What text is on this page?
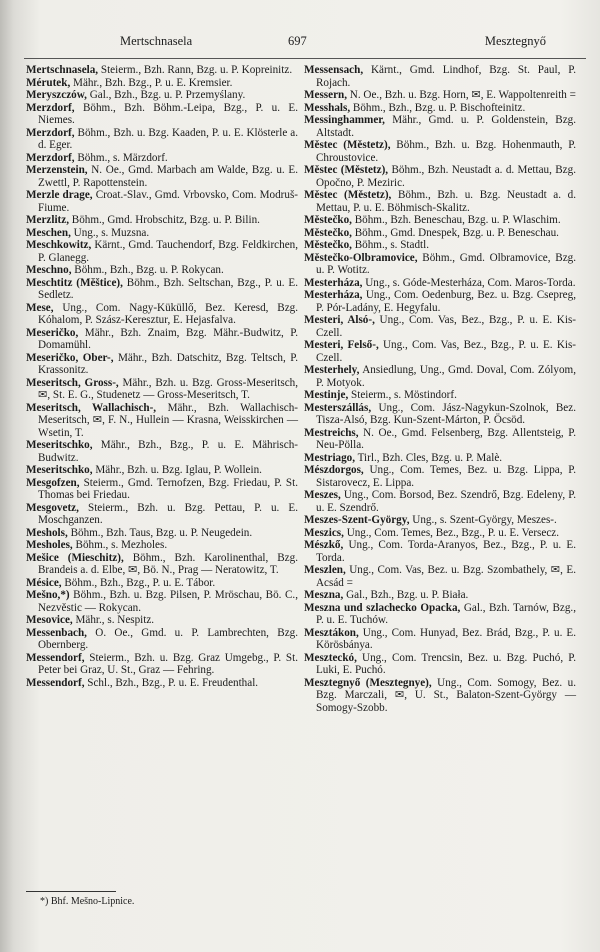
Mertschnasela	697	Mesztegnyő

Mertschnasela, Steierm., Bzh. Rann, Bzg. u. P. Kopreinitz.

Mérutek, Mähr., Bzh. Bzg., P. u. E. Kremsier.

Meryszczów, Gal., Bzh., Bzg. u. P. Przemyślany.

Merzdorf, Böhm., Bzh. Böhm.-Leipa, Bzg., P. u. E. Niemes.

Merzdorf, Böhm., Bzh. u. Bzg. Kaaden, P. u. E. Klösterle a. d. Eger.

Merzdorf, Böhm., s. Märzdorf.

Merzenstein, N. Oe., Gmd. Marbach am Walde, Bzg. u. E. Zwettl, P. Rapottenstein.

Merzle drage, Croat.-Slav., Gmd. Vrbovsko, Com. Modruš-Fiume.

Merzlitz, Böhm., Gmd. Hrobschitz, Bzg. u. P. Bilin.

Meschen, Ung., s. Muzsna.

Meschkowitz, Kärnt., Gmd. Tauchendorf, Bzg. Feldkirchen, P. Glanegg.

Meschno, Böhm., Bzh., Bzg. u. P. Rokycan.

Meschtitz (Mĕštice), Böhm., Bzh. Seltschan, Bzg., P. u. E. Sedletz.

Mese, Ung., Com. Nagy-Küküllő, Bez. Keresd, Bzg. Kóhalom, P. Szász-Keresztur, E. Hejasfalva.

Meseričko, Mähr., Bzh. Znaim, Bzg. Mähr.-Budwitz, P. Domamühl.

Meseričko, Ober-, Mähr., Bzh. Datschitz, Bzg. Teltsch, P. Krassonitz.

Meseritsch, Gross-, Mähr., Bzh. u. Bzg. Gross-Meseritsch, ✉, St. E. G., Studenetz — Gross-Meseritsch, T.

Meseritsch, Wallachisch-, Mähr., Bzh. Wallachisch-Meseritsch, ✉, F. N., Hullein — Krasna, Weisskirchen — Wsetin, T.

Meseritschko, Mähr., Bzh., Bzg., P. u. E. Mährisch-Budwitz.

Meseritschko, Mähr., Bzh. u. Bzg. Iglau, P. Wollein.

Mesgofzen, Steierm., Gmd. Ternofzen, Bzg. Friedau, P. St. Thomas bei Friedau.

Mesgovetz, Steierm., Bzh. u. Bzg. Pettau, P. u. E. Moschganzen.

Meshols, Böhm., Bzh. Taus, Bzg. u. P. Neugedein.

Mesholes, Böhm., s. Mezholes.

Mešice (Mieschitz), Böhm., Bzh. Karolinenthal, Bzg. Brandeis a. d. Elbe, ✉, Bö. N., Prag — Neratowitz, T.

Mésice, Böhm., Bzh., Bzg., P. u. E. Tábor.

Mešno,*) Böhm., Bzh. u. Bzg. Pilsen, P. Mröschau, Bö. C., Nezvěstic — Rokycan.

Mesovice, Mähr., s. Nespitz.

Messenbach, O. Oe., Gmd. u. P. Lambrechten, Bzg. Obernberg.

Messendorf, Steierm., Bzh. u. Bzg. Graz Umgebg., P. St. Peter bei Graz, U. St., Graz — Fehring.

Messendorf, Schl., Bzh., Bzg., P. u. E. Freudenthal.

Messensach, Kärnt., Gmd. Lindhof, Bzg. St. Paul, P. Rojach.

Messern, N. Oe., Bzh. u. Bzg. Horn, ✉, E. Wappoltenreith =

Messhals, Böhm., Bzh., Bzg. u. P. Bischofteinitz.

Messinghammer, Mähr., Gmd. u. P. Goldenstein, Bzg. Altstadt.

Městec (Městetz), Böhm., Bzh. u. Bzg. Hohenmauth, P. Chroustovice.

Městec (Městetz), Böhm., Bzh. Neustadt a. d. Mettau, Bzg. Opočno, P. Meziric.

Městec (Městetz), Böhm., Bzh. u. Bzg. Neustadt a. d. Mettau, P. u. E. Böhmisch-Skalitz.

Městečko, Böhm., Bzh. Beneschau, Bzg. u. P. Wlaschim.

Městečko, Böhm., Gmd. Dnespek, Bzg. u. P. Beneschau.

Městečko, Böhm., s. Stadtl.

Městečko-Olbramovice, Böhm., Gmd. Olbramovice, Bzg. u. P. Wotitz.

Mesterháza, Ung., s. Góde-Mesterháza, Com. Maros-Torda.

Mesterháza, Ung., Com. Oedenburg, Bez. u. Bzg. Csepreg, P. Pór-Ladány, E. Hegyfalu.

Mesteri, Alsó-, Ung., Com. Vas, Bez., Bzg., P. u. E. Kis-Czell.

Mesteri, Felső-, Ung., Com. Vas, Bez., Bzg., P. u. E. Kis-Czell.

Mesterhely, Ansiedlung, Ung., Gmd. Doval, Com. Zólyom, P. Motyok.

Mestinje, Steierm., s. Möstindorf.

Mesterszállás, Ung., Com. Jász-Nagykun-Szolnok, Bez. Tisza-Alsó, Bzg. Kun-Szent-Márton, P. Öcsöd.

Mestreichs, N. Oe., Gmd. Felsenberg, Bzg. Allentsteig, P. Neu-Pölla.

Mestriago, Tirl., Bzh. Cles, Bzg. u. P. Malè.

Mészdorgos, Ung., Com. Temes, Bez. u. Bzg. Lippa, P. Sistarovecz, E. Lippa.

Meszes, Ung., Com. Borsod, Bez. Szendrő, Bzg. Edeleny, P. u. E. Szendrő.

Meszes-Szent-György, Ung., s. Szent-György, Meszes-.

Meszics, Ung., Com. Temes, Bez., Bzg., P. u. E. Versecz.

Mészkő, Ung., Com. Torda-Aranyos, Bez., Bzg., P. u. E. Torda.

Meszlen, Ung., Com. Vas, Bez. u. Bzg. Szombathely, ✉, E. Acsád =

Meszna, Gal., Bzh., Bzg. u. P. Biała.

Meszna und szlachecko Opacka, Gal., Bzh. Tarnów, Bzg., P. u. E. Tuchów.

Mesztákon, Ung., Com. Hunyad, Bez. Brád, Bzg., P. u. E. Körösbánya.

Meszteckó, Ung., Com. Trencsin, Bez. u. Bzg. Puchó, P. Luki, E. Puchó.

Mesztegnyő (Mesztegnye), Ung., Com. Somogy, Bez. u. Bzg. Marczali, ✉, U. St., Balaton-Szent-György — Somogy-Szobb.

*) Bhf. Mešno-Lipnice.
